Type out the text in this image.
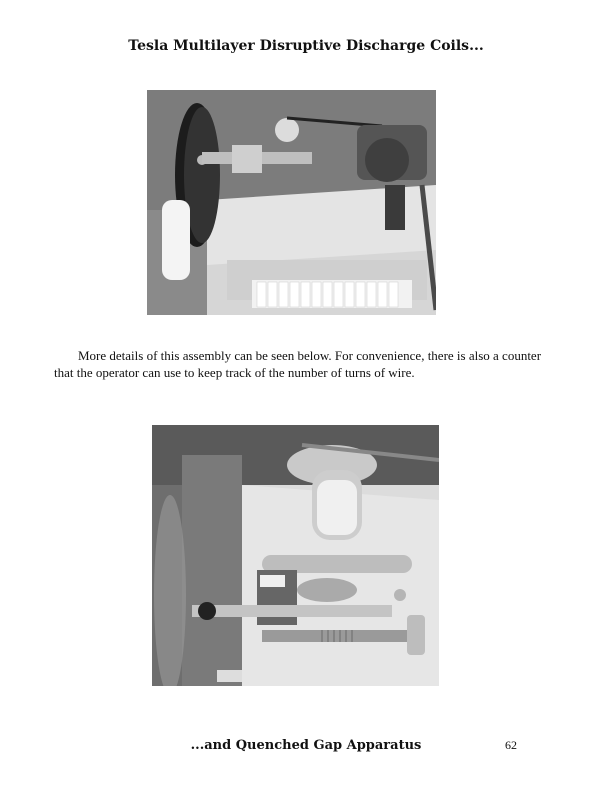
Tesla Multilayer Disruptive Discharge Coils...
More details of this assembly can be seen below. For convenience, there is also a counter that the operator can use to keep track of the number of turns of wire.
...and Quenched Gap Apparatus	62
